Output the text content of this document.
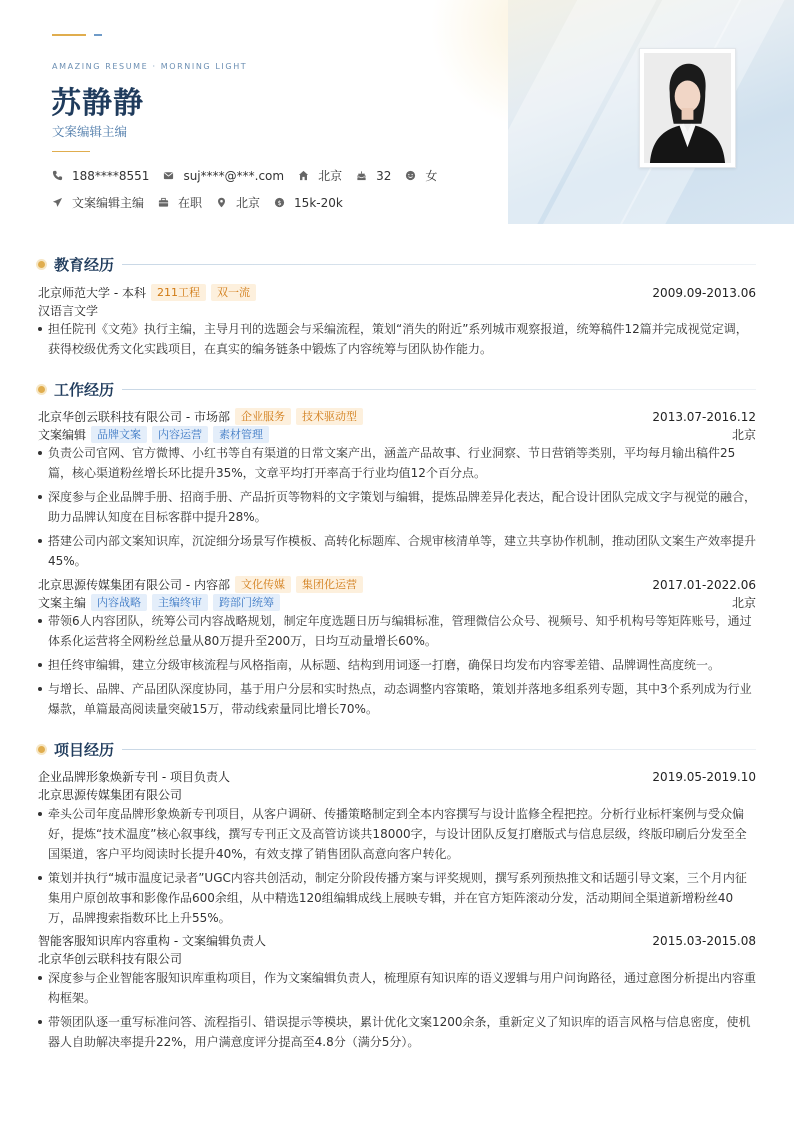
AMAZING RESUME · MORNING LIGHT
苏静静
文案编辑主编
188****8551	suj****@***.com	北京	32	女
文案编辑主编	在职	北京 $ 15k-20k
教育经历
北京师范大学 - 本科	211工程	双一流	2009.09-2013.06
汉语言文学
担任院刊《文苑》执行主编，主导月刊的选题会与采编流程，策划“消失的附近”系列城市观察报道，统筹稿件12篇并完成视觉定调，获得校级优秀文化实践项目，在真实的编务链条中锻炼了内容统筹与团队协作能力。
工作经历
北京华创云联科技有限公司 - 市场部	企业服务	技术驱动型	2013.07-2016.12
文案编辑	品牌文案	内容运营	素材管理	北京
负责公司官网、官方微博、小红书等自有渠道的日常文案产出，涵盖产品故事、行业洞察、节日营销等类别，平均每月输出稿件25篇，核心渠道粉丝增长环比提升35%，文章平均打开率高于行业均值12个百分点。
深度参与企业品牌手册、招商手册、产品折页等物料的文字策划与编辑，提炼品牌差异化表达，配合设计团队完成文字与视觉的融合，助力品牌认知度在目标客群中提升28%。
搭建公司内部文案知识库，沉淀细分场景写作模板、高转化标题库、合规审核清单等，建立共享协作机制，推动团队文案生产效率提升45%。
北京思源传媒集团有限公司 - 内容部	文化传媒	集团化运营	2017.01-2022.06
文案主编	内容战略	主编终审	跨部门统筹	北京
带领6人内容团队，统筹公司内容战略规划，制定年度选题日历与编辑标准，管理微信公众号、视频号、知乎机构号等矩阵账号，通过体系化运营将全网粉丝总量从80万提升至200万，日均互动量增长60%。
担任终审编辑，建立分级审核流程与风格指南，从标题、结构到用词逐一打磨，确保日均发布内容零差错、品牌调性高度统一。
与增长、品牌、产品团队深度协同，基于用户分层和实时热点，动态调整内容策略，策划并落地多组系列专题，其中3个系列成为行业爆款，单篇最高阅读量突破15万，带动线索量同比增长70%。
项目经历
企业品牌形象焕新专刊 - 项目负责人	2019.05-2019.10
北京思源传媒集团有限公司
牵头公司年度品牌形象焕新专刊项目，从客户调研、传播策略制定到全本内容撰写与设计监修全程把控。分析行业标杆案例与受众偏好，提炼“技术温度”核心叙事线，撰写专刊正文及高管访谈共18000字，与设计团队反复打磨版式与信息层级，终版印刷后分发至全国渠道，客户平均阅读时长提升40%，有效支撑了销售团队高意向客户转化。
策划并执行“城市温度记录者”UGC内容共创活动，制定分阶段传播方案与评奖规则，撰写系列预热推文和话题引导文案，三个月内征集用户原创故事和影像作品600余组，从中精选120组编辑成线上展映专辑，并在官方矩阵滚动分发，活动期间全渠道新增粉丝40万，品牌搜索指数环比上升55%。
智能客服知识库内容重构 - 文案编辑负责人	2015.03-2015.08
北京华创云联科技有限公司
深度参与企业智能客服知识库重构项目，作为文案编辑负责人，梳理原有知识库的语义逻辑与用户问询路径，通过意图分析提出内容重构框架。
带领团队逐一重写标准问答、流程指引、错误提示等模块，累计优化文案1200余条，重新定义了知识库的语言风格与信息密度，使机器人自助解决率提升22%，用户满意度评分提高至4.8分（满分5分）。
